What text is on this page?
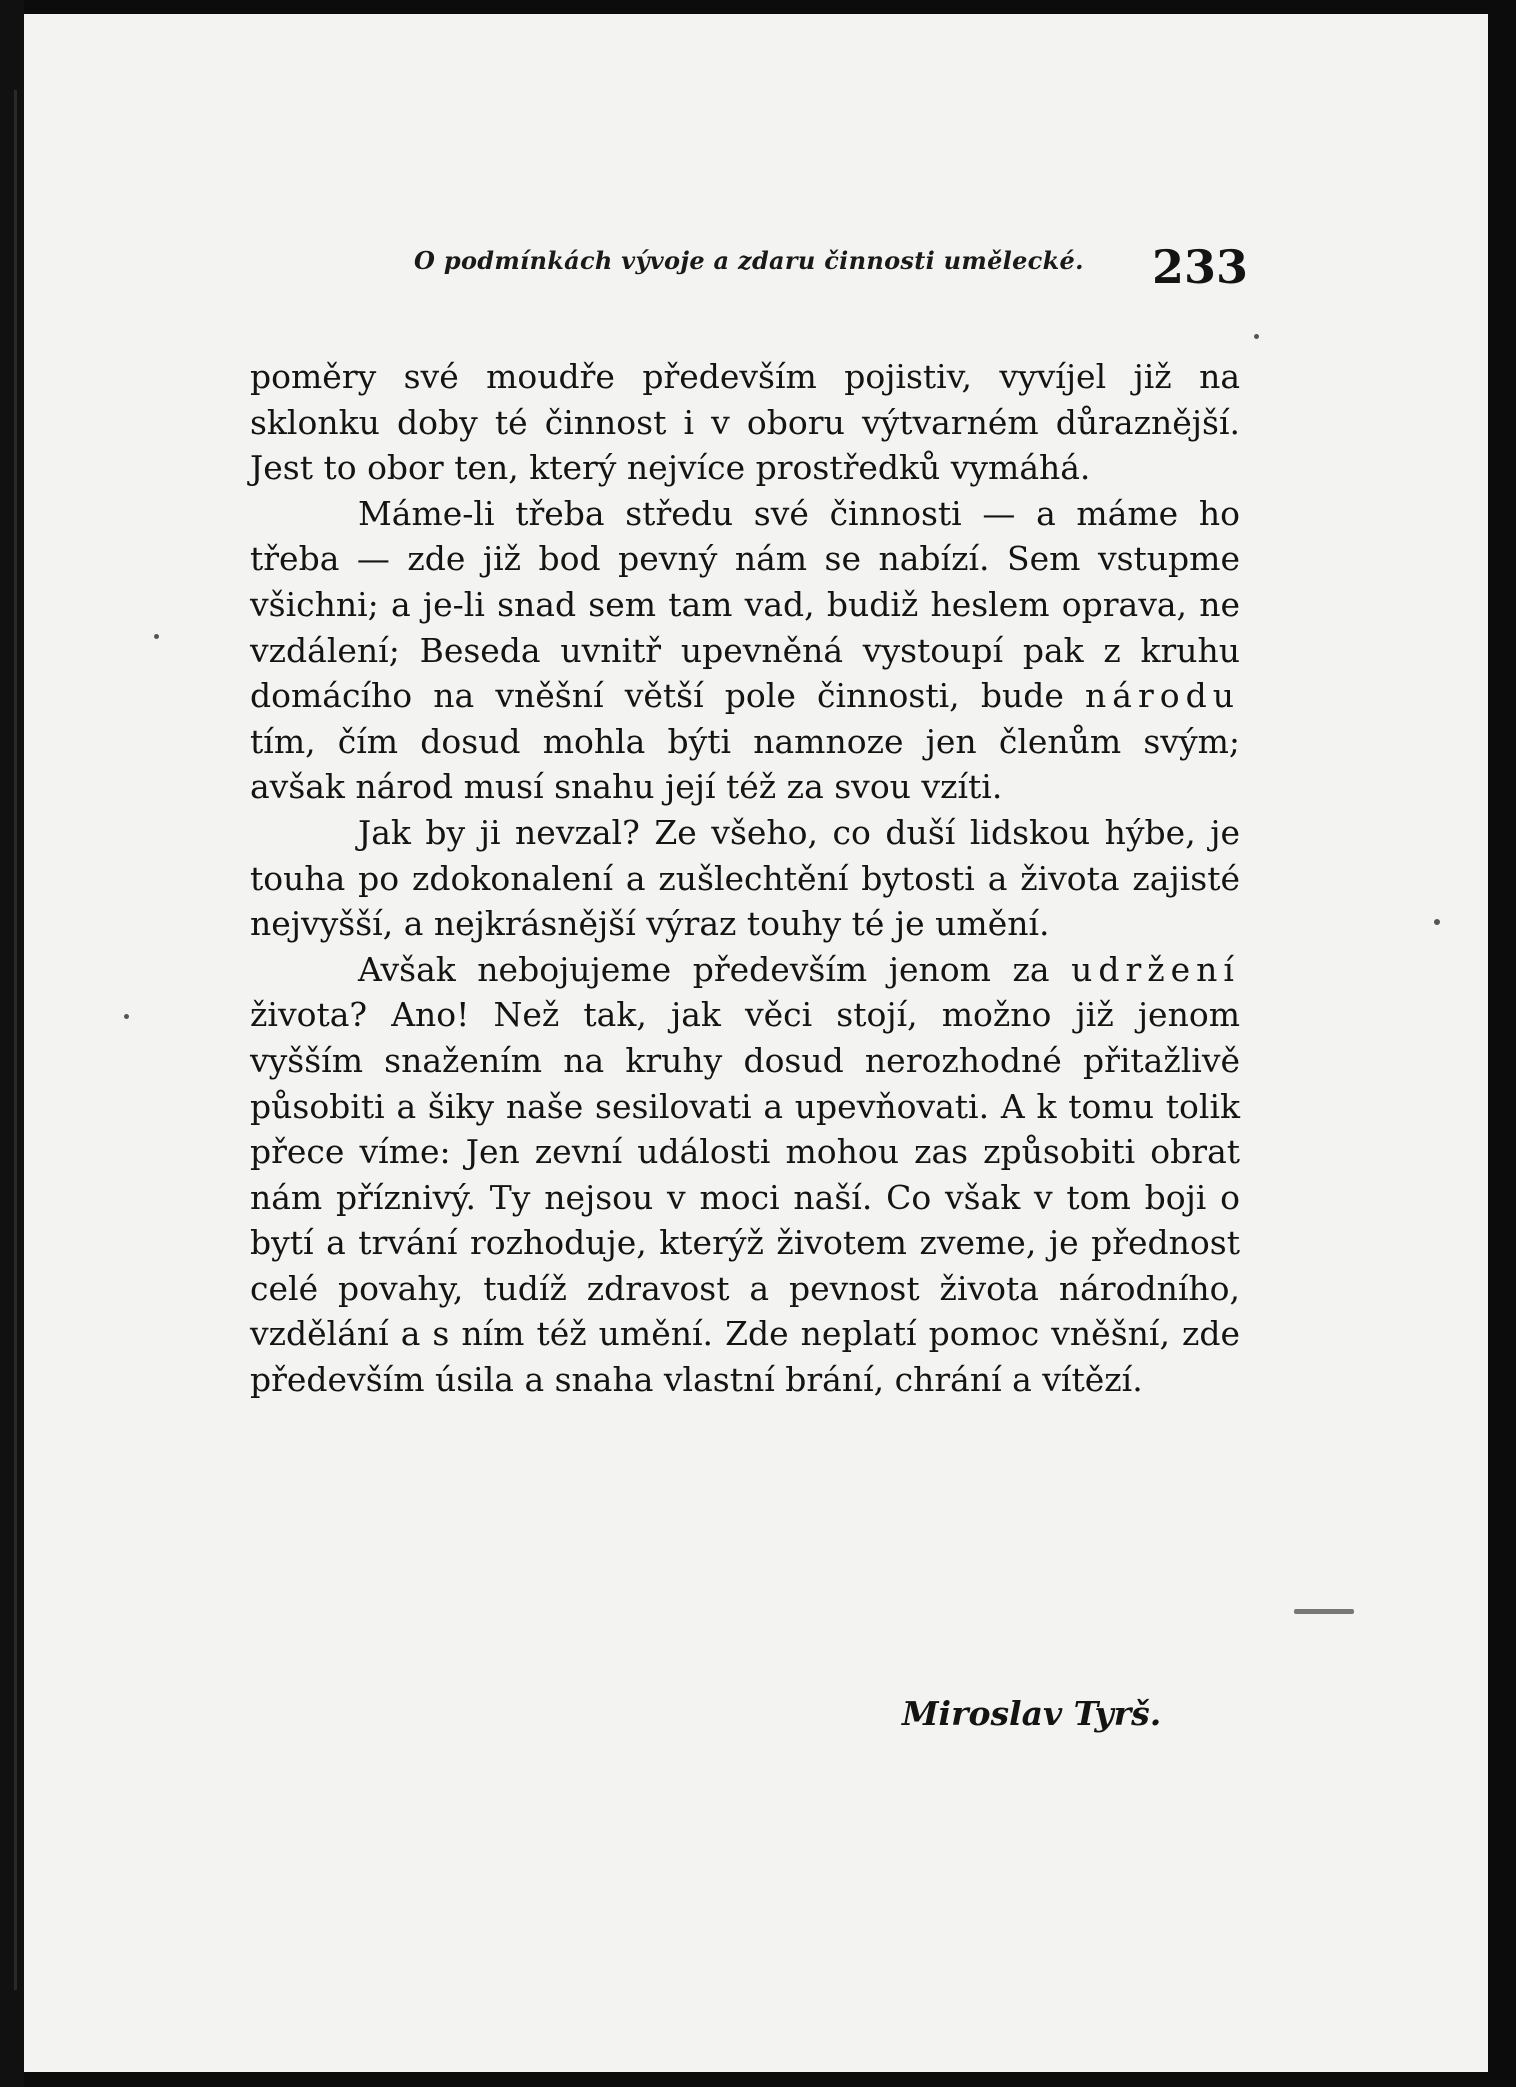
O podmínkách vývoje a zdaru činnosti umělecké. 233

poměry své moudře především pojistiv, vyvíjel již na sklonku doby té činnost i v oboru výtvarném důraznější. Jest to obor ten, který nejvíce prostředků vymáhá.

Máme-li třeba středu své činnosti — a máme ho třeba — zde již bod pevný nám se nabízí. Sem vstupme všichni; a je-li snad sem tam vad, budiž heslem oprava, ne vzdálení; Beseda uvnitř upevněná vystoupí pak z kruhu domácího na vněšní větší pole činnosti, bude národu tím, čím dosud mohla býti namnoze jen členům svým; avšak národ musí snahu její též za svou vzíti.

Jak by ji nevzal? Ze všeho, co duší lidskou hýbe, je touha po zdokonalení a zušlechtění bytosti a života zajisté nejvyšší, a nejkrásnější výraz touhy té je umění.

Avšak nebojujeme především jenom za udržení života? Ano! Než tak, jak věci stojí, možno již jenom vyšším snažením na kruhy dosud nerozhodné přitažlivě působiti a šiky naše sesilovati a upevňovati. A k tomu tolik přece víme: Jen zevní události mohou zas způsobiti obrat nám příznivý. Ty nejsou v moci naší. Co však v tom boji o bytí a trvání rozhoduje, kterýž životem zveme, je přednost celé povahy, tudíž zdravost a pevnost života národního, vzdělání a s ním též umění. Zde neplatí pomoc vněšní, zde především úsila a snaha vlastní brání, chrání a vítězí.

Miroslav Tyrš.
